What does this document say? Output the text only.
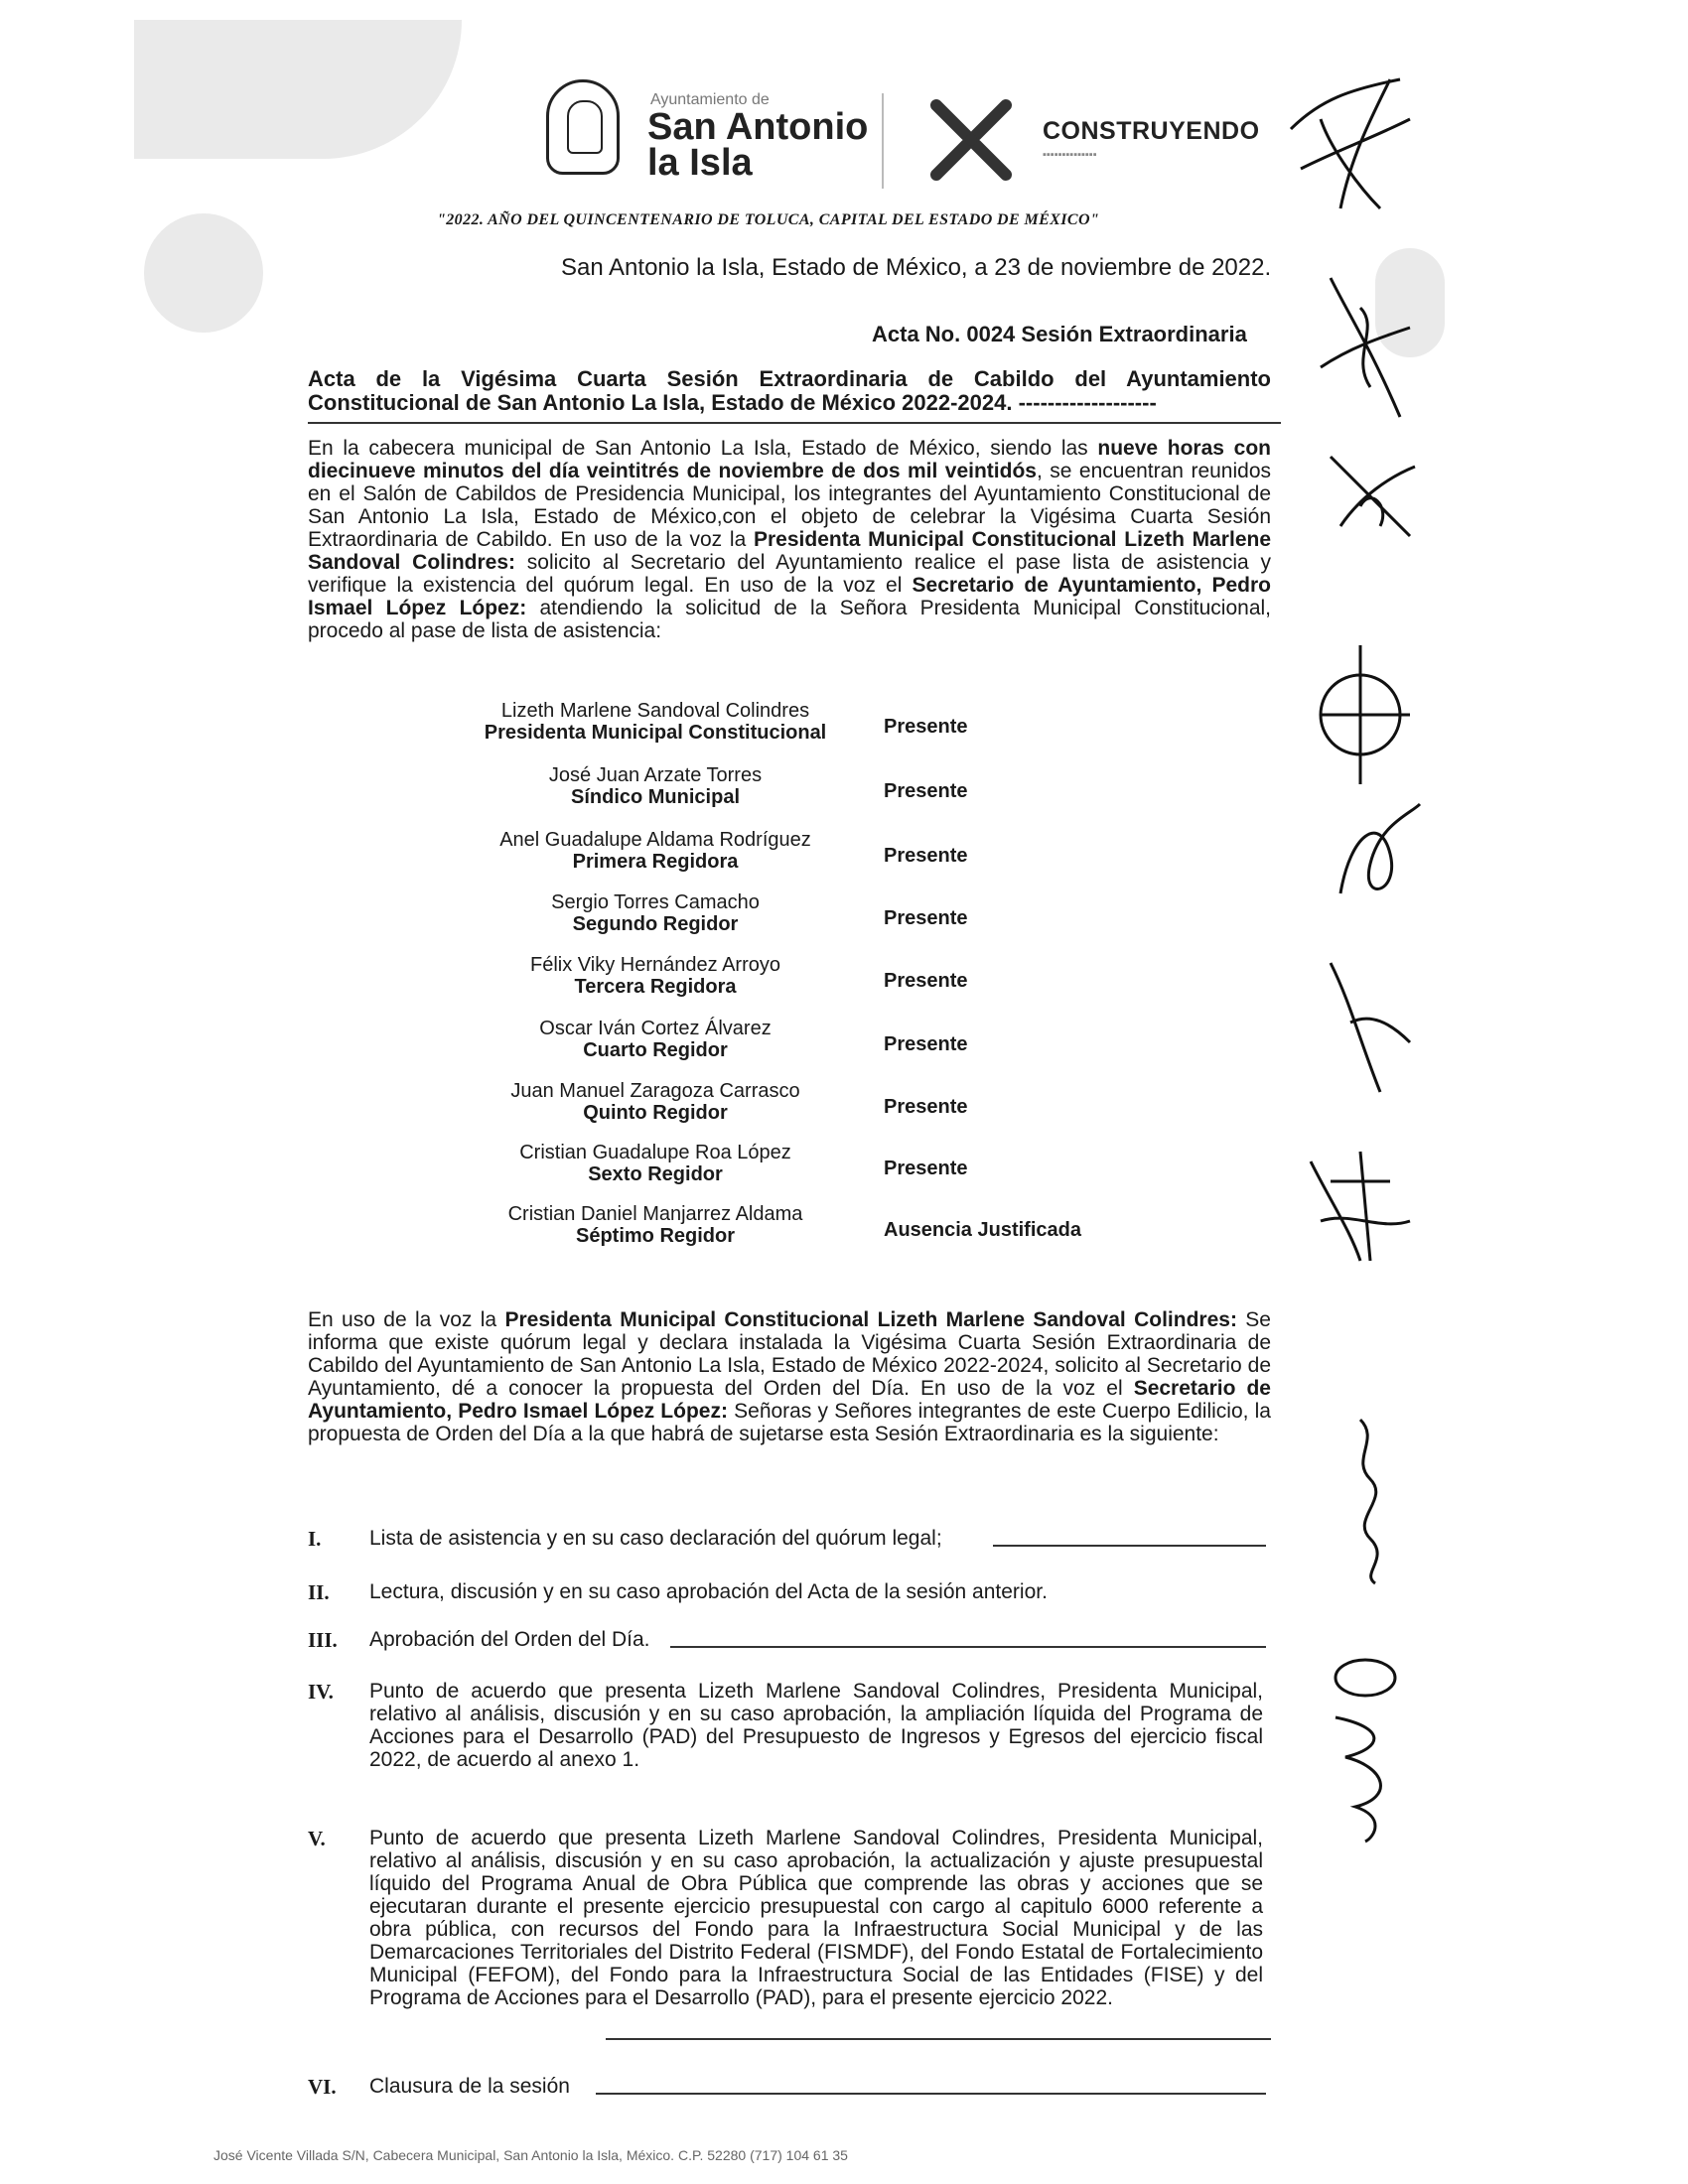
Ayuntamiento de
San Antonio
la Isla
CONSTRUYENDO
▪▪▪▪▪▪▪▪▪▪▪▪▪▪
"2022. AÑO DEL QUINCENTENARIO DE TOLUCA, CAPITAL DEL ESTADO DE MÉXICO"
San Antonio la Isla, Estado de México, a 23 de noviembre de 2022.
Acta No. 0024 Sesión Extraordinaria
Acta de la Vigésima Cuarta Sesión Extraordinaria de Cabildo del Ayuntamiento Constitucional de San Antonio La Isla, Estado de México 2022-2024. -------------------
En la cabecera municipal de San Antonio La Isla, Estado de México, siendo las nueve horas con diecinueve minutos del día veintitrés de noviembre de dos mil veintidós, se encuentran reunidos en el Salón de Cabildos de Presidencia Municipal, los integrantes del Ayuntamiento Constitucional de San Antonio La Isla, Estado de México,con el objeto de celebrar la Vigésima Cuarta Sesión Extraordinaria de Cabildo. En uso de la voz la Presidenta Municipal Constitucional Lizeth Marlene Sandoval Colindres: solicito al Secretario del Ayuntamiento realice el pase lista de asistencia y verifique la existencia del quórum legal. En uso de la voz el Secretario de Ayuntamiento, Pedro Ismael López López: atendiendo la solicitud de la Señora Presidenta Municipal Constitucional, procedo al pase de lista de asistencia:
Lizeth Marlene Sandoval Colindres
Presidenta Municipal Constitucional	Presente
José Juan Arzate Torres
Síndico Municipal	Presente
Anel Guadalupe Aldama Rodríguez
Primera Regidora	Presente
Sergio Torres Camacho
Segundo Regidor	Presente
Félix Viky Hernández Arroyo
Tercera Regidora	Presente
Oscar Iván Cortez Álvarez
Cuarto Regidor	Presente
Juan Manuel Zaragoza Carrasco
Quinto Regidor	Presente
Cristian Guadalupe Roa López
Sexto Regidor	Presente
Cristian Daniel Manjarrez Aldama
Séptimo Regidor	Ausencia Justificada
En uso de la voz la Presidenta Municipal Constitucional Lizeth Marlene Sandoval Colindres: Se informa que existe quórum legal y declara instalada la Vigésima Cuarta Sesión Extraordinaria de Cabildo del Ayuntamiento de San Antonio La Isla, Estado de México 2022-2024, solicito al Secretario de Ayuntamiento, dé a conocer la propuesta del Orden del Día. En uso de la voz el Secretario de Ayuntamiento, Pedro Ismael López López: Señoras y Señores integrantes de este Cuerpo Edilicio, la propuesta de Orden del Día a la que habrá de sujetarse esta Sesión Extraordinaria es la siguiente:
I. Lista de asistencia y en su caso declaración del quórum legal;
II. Lectura, discusión y en su caso aprobación del Acta de la sesión anterior.
III. Aprobación del Orden del Día.
IV. Punto de acuerdo que presenta Lizeth Marlene Sandoval Colindres, Presidenta Municipal, relativo al análisis, discusión y en su caso aprobación, la ampliación líquida del Programa de Acciones para el Desarrollo (PAD) del Presupuesto de Ingresos y Egresos del ejercicio fiscal 2022, de acuerdo al anexo 1.
V. Punto de acuerdo que presenta Lizeth Marlene Sandoval Colindres, Presidenta Municipal, relativo al análisis, discusión y en su caso aprobación, la actualización y ajuste presupuestal líquido del Programa Anual de Obra Pública que comprende las obras y acciones que se ejecutaran durante el presente ejercicio presupuestal con cargo al capitulo 6000 referente a obra pública, con recursos del Fondo para la Infraestructura Social Municipal y de las Demarcaciones Territoriales del Distrito Federal (FISMDF), del Fondo Estatal de Fortalecimiento Municipal (FEFOM), del Fondo para la Infraestructura Social de las Entidades (FISE) y del Programa de Acciones para el Desarrollo (PAD), para el presente ejercicio 2022.
VI. Clausura de la sesión
José Vicente Villada S/N, Cabecera Municipal, San Antonio la Isla, México. C.P. 52280 (717) 104 61 35
